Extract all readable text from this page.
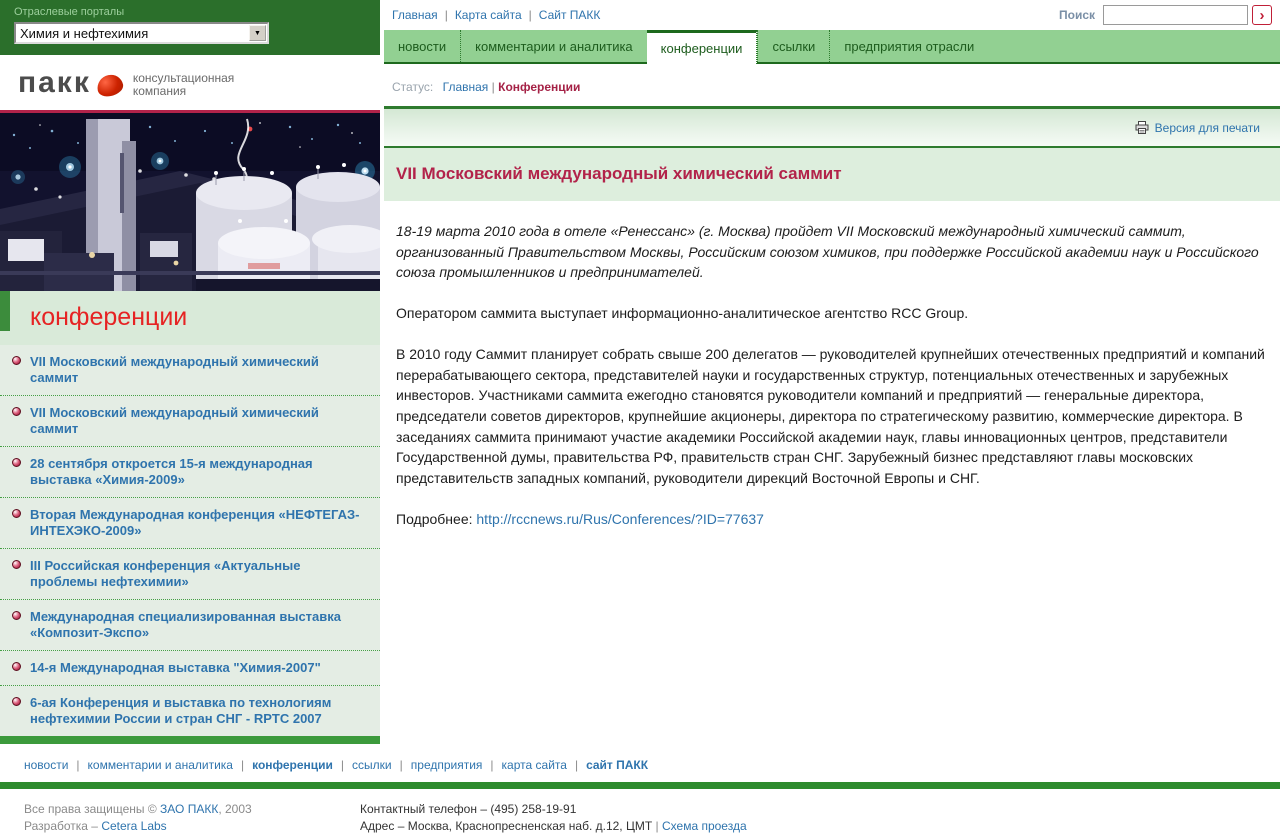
Отраслевые порталы
Химия и нефтехимия	▼
пакк	консультационная
компания
конференции
VII Московский международный химический саммит
VII Московский международный химический саммит
28 сентября откроется 15-я международная выставка «Химия-2009»
Вторая Международная конференция «НЕФТЕГАЗ-ИНТЕХЭКО-2009»
III Российская конференция «Актуальные проблемы нефтехимии»
Международная специализированная выставка «Композит-Экспо»
14-я Международная выставка "Химия-2007"
6-ая Конференция и выставка по технологиям нефтехимии России и стран СНГ - RPTC 2007
Главная | Карта сайта | Сайт ПАКК	Поиск	›
новости	комментарии и аналитика	конференции	ссылки	предприятия отрасли
Статус: Главная | Конференции
Версия для печати
VII Московский международный химический саммит

18-19 марта 2010 года в отеле «Ренессанс» (г. Москва) пройдет VII Московский международный химический саммит, организованный Правительством Москвы, Российским союзом химиков, при поддержке Российской академии наук и Российского союза промышленников и предпринимателей.

Оператором саммита выступает информационно-аналитическое агентство RCC Group.

В 2010 году Саммит планирует собрать свыше 200 делегатов — руководителей крупнейших отечественных предприятий и компаний перерабатывающего сектора, представителей науки и государственных структур, потенциальных отечественных и зарубежных инвесторов. Участниками саммита ежегодно становятся руководители компаний и предприятий — генеральные директора, председатели советов директоров, крупнейшие акционеры, директора по стратегическому развитию, коммерческие директора. В заседаниях саммита принимают участие академики Российской академии наук, главы инновационных центров, представители Государственной думы, правительства РФ, правительств стран СНГ. Зарубежный бизнес представляют главы московских представительств западных компаний, руководители дирекций Восточной Европы и СНГ.

Подробнее: http://rccnews.ru/Rus/Conferences/?ID=77637

новости | комментарии и аналитика | конференции | ссылки | предприятия | карта сайта | сайт ПАКК
Все права защищены © ЗАО ПАКК, 2003
Разработка – Cetera Labs
Контактный телефон – (495) 258-19-91
Адрес – Москва, Краснопресненская наб. д.12, ЦМТ | Схема проезда
